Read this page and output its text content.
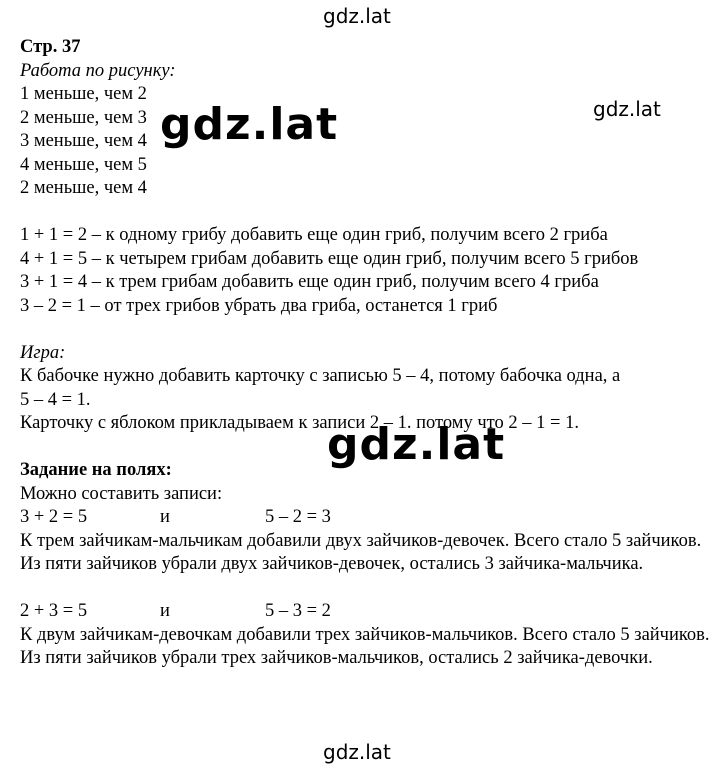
gdz.lat
gdz.lat
gdz.lat
gdz.lat
gdz.lat
Стр. 37
Работа по рисунку:
1 меньше, чем 2
2 меньше, чем 3
3 меньше, чем 4
4 меньше, чем 5
2 меньше, чем 4
1 + 1 = 2 – к одному грибу добавить еще один гриб, получим всего 2 гриба
4 + 1 = 5 – к четырем грибам добавить еще один гриб, получим всего 5 грибов
3 + 1 = 4 – к трем грибам добавить еще один гриб, получим всего 4 гриба
3 – 2 = 1 – от трех грибов убрать два гриба, останется 1 гриб
Игра:
К бабочке нужно добавить карточку с записью 5 – 4, потому бабочка одна, а
5 – 4 = 1.
Карточку с яблоком прикладываем к записи 2 – 1. потому что 2 – 1 = 1.
Задание на полях:
Можно составить записи:
3 + 2 = 5	и	5 – 2 = 3
К трем зайчикам-мальчикам добавили двух зайчиков-девочек. Всего стало 5 зайчиков.
Из пяти зайчиков убрали двух зайчиков-девочек, остались 3 зайчика-мальчика.
2 + 3 = 5	и	5 – 3 = 2
К двум зайчикам-девочкам добавили трех зайчиков-мальчиков. Всего стало 5 зайчиков.
Из пяти зайчиков убрали трех зайчиков-мальчиков, остались 2 зайчика-девочки.
